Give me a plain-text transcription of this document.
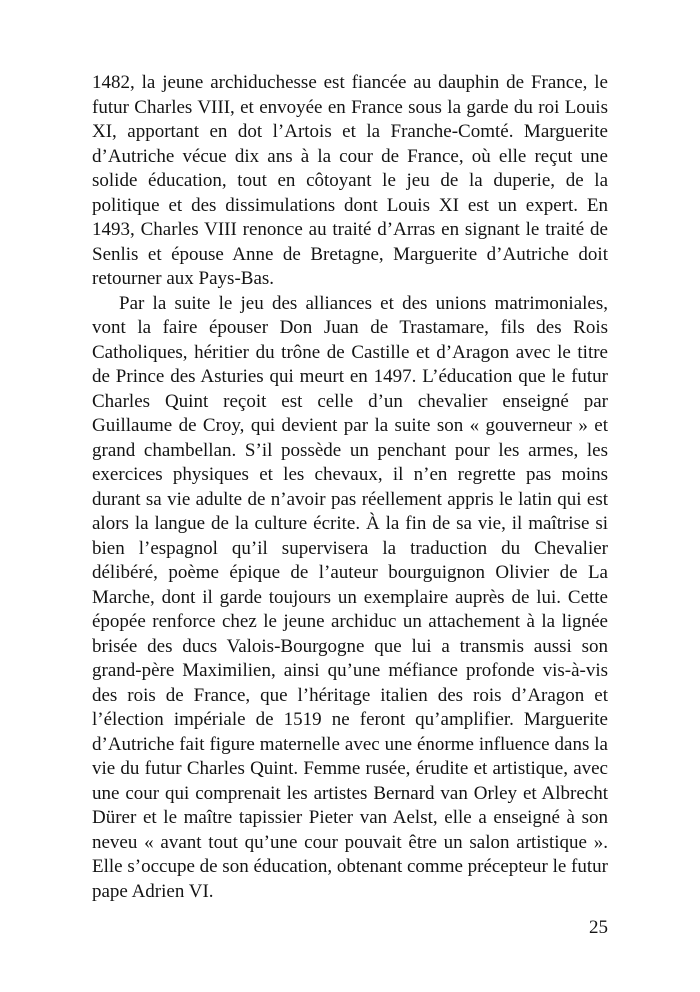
1482, la jeune archiduchesse est fiancée au dauphin de France, le futur Charles VIII, et envoyée en France sous la garde du roi Louis XI, apportant en dot l’Artois et la Franche-Comté. Marguerite d’Autriche vécue dix ans à la cour de France, où elle reçut une solide éducation, tout en côtoyant le jeu de la duperie, de la politique et des dissimulations dont Louis XI est un expert. En 1493, Charles VIII renonce au traité d’Arras en signant le traité de Senlis et épouse Anne de Bretagne, Marguerite d’Autriche doit retourner aux Pays-Bas.

Par la suite le jeu des alliances et des unions matrimoniales, vont la faire épouser Don Juan de Trastamare, fils des Rois Catholiques, héritier du trône de Castille et d’Aragon avec le titre de Prince des Asturies qui meurt en 1497. L’éducation que le futur Charles Quint reçoit est celle d’un chevalier enseigné par Guillaume de Croy, qui devient par la suite son « gouverneur » et grand chambellan. S’il possède un penchant pour les armes, les exercices physiques et les chevaux, il n’en regrette pas moins durant sa vie adulte de n’avoir pas réellement appris le latin qui est alors la langue de la culture écrite. À la fin de sa vie, il maîtrise si bien l’espagnol qu’il supervisera la traduction du Chevalier délibéré, poème épique de l’auteur bourguignon Olivier de La Marche, dont il garde toujours un exemplaire auprès de lui. Cette épopée renforce chez le jeune archiduc un attachement à la lignée brisée des ducs Valois-Bourgogne que lui a transmis aussi son grand-père Maximilien, ainsi qu’une méfiance profonde vis-à-vis des rois de France, que l’héritage italien des rois d’Aragon et l’élection impériale de 1519 ne feront qu’amplifier. Marguerite d’Autriche fait figure maternelle avec une énorme influence dans la vie du futur Charles Quint. Femme rusée, érudite et artistique, avec une cour qui comprenait les artistes Bernard van Orley et Albrecht Dürer et le maître tapissier Pieter van Aelst, elle a enseigné à son neveu « avant tout qu’une cour pouvait être un salon artistique ». Elle s’occupe de son éducation, obtenant comme précepteur le futur pape Adrien VI.

25
